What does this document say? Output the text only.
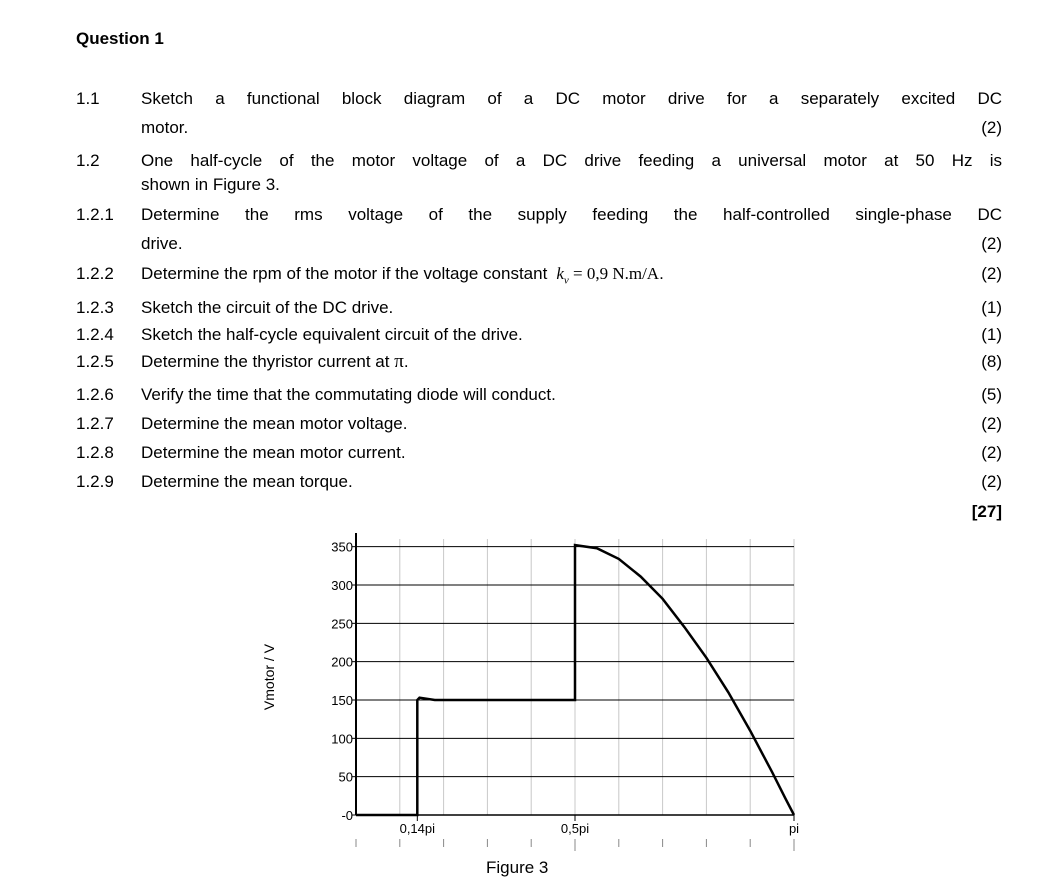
Question 1
1.1 Sketch a functional block diagram of a DC motor drive for a separately excited DC
motor.	(2)
1.2 One half-cycle of the motor voltage of a DC drive feeding a universal motor at 50 Hz is
shown in Figure 3.
1.2.1 Determine the rms voltage of the supply feeding the half-controlled single-phase DC
drive.	(2)
1.2.2 Determine the rpm of the motor if the voltage constant $k_v = 0,9$ N.m/A.	(2)
1.2.3 Sketch the circuit of the DC drive.	(1)
1.2.4 Sketch the half-cycle equivalent circuit of the drive.	(1)
1.2.5 Determine the thyristor current at π.	(8)
1.2.6 Verify the time that the commutating diode will conduct.	(5)
1.2.7 Determine the mean motor voltage.	(2)
1.2.8 Determine the mean motor current.	(2)
1.2.9 Determine the mean torque.	(2)
[27]
-0
50
100
150
200
250
300
350
0,14pi	0,5pi	pi
Vmotor / V
Figure 3
